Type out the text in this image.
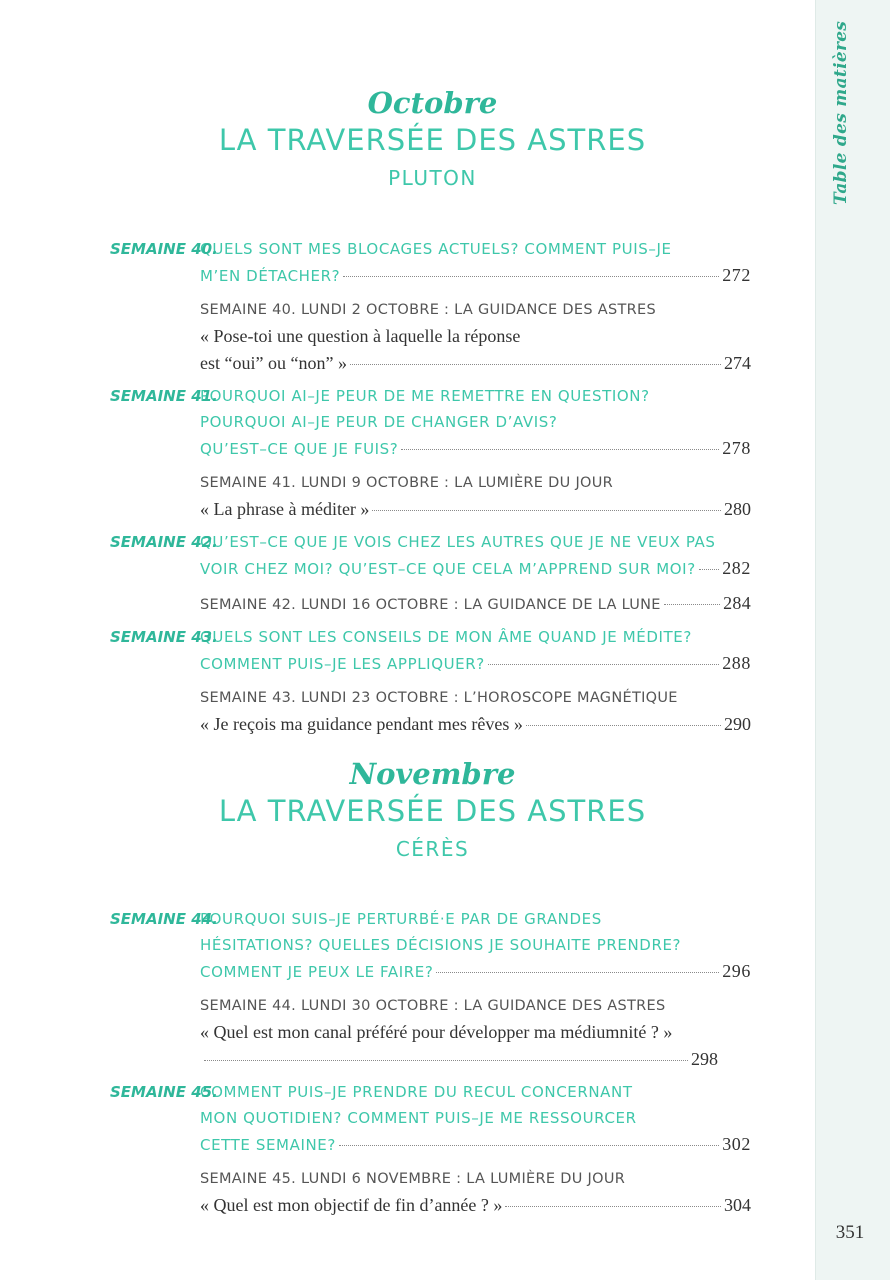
351
Octobre
LA TRAVERSÉE DES ASTRES
PLUTON
SEMAINE 40.
QUELS SONT MES BLOCAGES ACTUELS? COMMENT PUIS–JE
M’EN DÉTACHER?	272
SEMAINE 40. LUNDI 2 OCTOBRE : LA GUIDANCE DES ASTRES
« Pose-toi une question à laquelle la réponse
est “oui” ou “non” »	274
SEMAINE 41.
POURQUOI AI–JE PEUR DE ME REMETTRE EN QUESTION?
POURQUOI AI–JE PEUR DE CHANGER D’AVIS?
QU’EST–CE QUE JE FUIS?	278
SEMAINE 41. LUNDI 9 OCTOBRE : LA LUMIÈRE DU JOUR
« La phrase à méditer »	280
SEMAINE 42.
QU’EST–CE QUE JE VOIS CHEZ LES AUTRES QUE JE NE VEUX PAS
VOIR CHEZ MOI? QU’EST–CE QUE CELA M’APPREND SUR MOI? 282
SEMAINE 42. LUNDI 16 OCTOBRE : LA GUIDANCE DE LA LUNE	284
SEMAINE 43.
QUELS SONT LES CONSEILS DE MON ÂME QUAND JE MÉDITE?
COMMENT PUIS–JE LES APPLIQUER?	288
SEMAINE 43. LUNDI 23 OCTOBRE : L’HOROSCOPE MAGNÉTIQUE
« Je reçois ma guidance pendant mes rêves »	290
Novembre
LA TRAVERSÉE DES ASTRES
CÉRÈS
SEMAINE 44.
POURQUOI SUIS–JE PERTURBÉ·E PAR DE GRANDES
HÉSITATIONS? QUELLES DÉCISIONS JE SOUHAITE PRENDRE?
COMMENT JE PEUX LE FAIRE?	296
SEMAINE 44. LUNDI 30 OCTOBRE : LA GUIDANCE DES ASTRES
« Quel est mon canal préféré pour développer ma médiumnité ? »
298
SEMAINE 45.
COMMENT PUIS–JE PRENDRE DU RECUL CONCERNANT
MON QUOTIDIEN? COMMENT PUIS–JE ME RESSOURCER
CETTE SEMAINE?	302
SEMAINE 45. LUNDI 6 NOVEMBRE : LA LUMIÈRE DU JOUR
« Quel est mon objectif de fin d’année ? »	304
